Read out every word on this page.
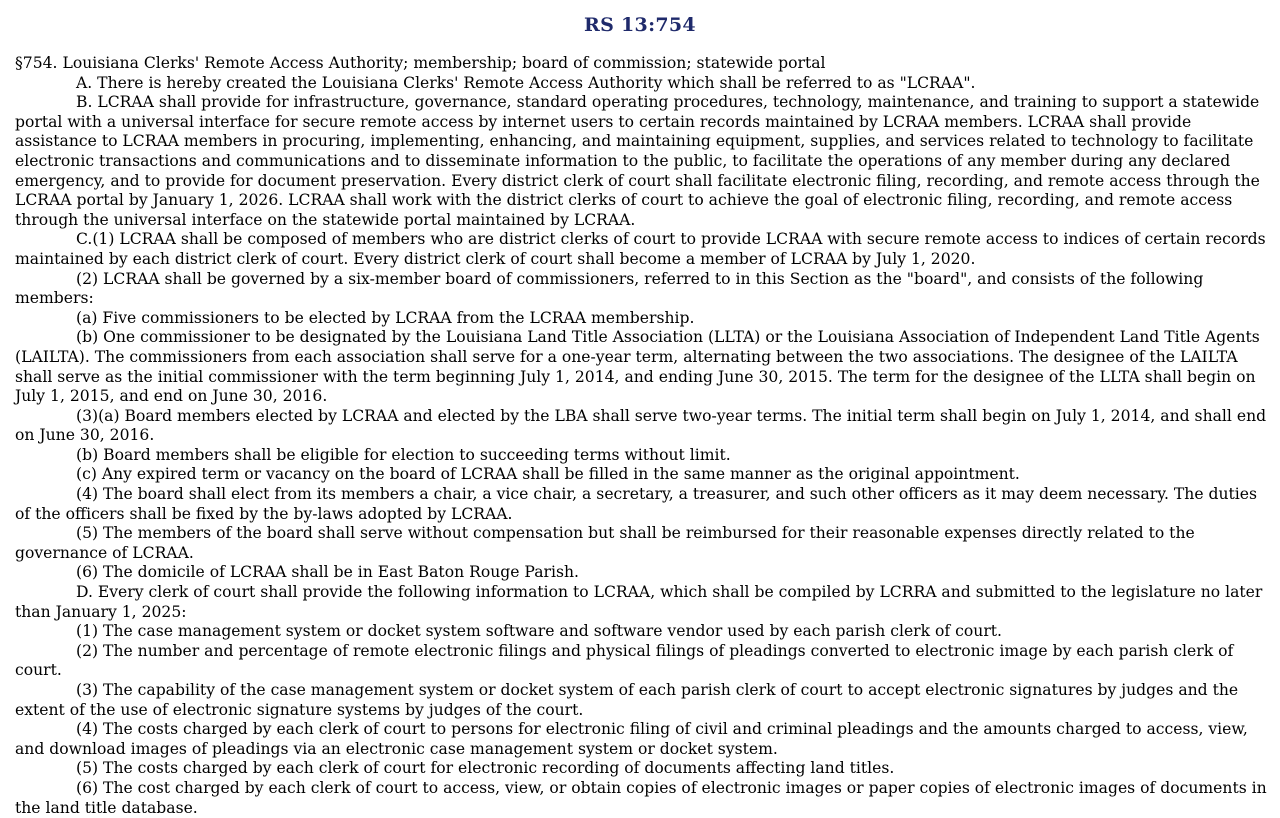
RS 13:754

§754. Louisiana Clerks' Remote Access Authority; membership; board of commission; statewide portal

A. There is hereby created the Louisiana Clerks' Remote Access Authority which shall be referred to as "LCRAA".

B. LCRAA shall provide for infrastructure, governance, standard operating procedures, technology, maintenance, and training to support a statewide portal with a universal interface for secure remote access by internet users to certain records maintained by LCRAA members. LCRAA shall provide assistance to LCRAA members in procuring, implementing, enhancing, and maintaining equipment, supplies, and services related to technology to facilitate electronic transactions and communications and to disseminate information to the public, to facilitate the operations of any member during any declared emergency, and to provide for document preservation. Every district clerk of court shall facilitate electronic filing, recording, and remote access through the LCRAA portal by January 1, 2026. LCRAA shall work with the district clerks of court to achieve the goal of electronic filing, recording, and remote access through the universal interface on the statewide portal maintained by LCRAA.

C.(1) LCRAA shall be composed of members who are district clerks of court to provide LCRAA with secure remote access to indices of certain records maintained by each district clerk of court. Every district clerk of court shall become a member of LCRAA by July 1, 2020.

(2) LCRAA shall be governed by a six-member board of commissioners, referred to in this Section as the "board", and consists of the following members:

(a) Five commissioners to be elected by LCRAA from the LCRAA membership.

(b) One commissioner to be designated by the Louisiana Land Title Association (LLTA) or the Louisiana Association of Independent Land Title Agents (LAILTA). The commissioners from each association shall serve for a one-year term, alternating between the two associations. The designee of the LAILTA shall serve as the initial commissioner with the term beginning July 1, 2014, and ending June 30, 2015. The term for the designee of the LLTA shall begin on July 1, 2015, and end on June 30, 2016.

(3)(a) Board members elected by LCRAA and elected by the LBA shall serve two-year terms. The initial term shall begin on July 1, 2014, and shall end on June 30, 2016.

(b) Board members shall be eligible for election to succeeding terms without limit.

(c) Any expired term or vacancy on the board of LCRAA shall be filled in the same manner as the original appointment.

(4) The board shall elect from its members a chair, a vice chair, a secretary, a treasurer, and such other officers as it may deem necessary. The duties of the officers shall be fixed by the by-laws adopted by LCRAA.

(5) The members of the board shall serve without compensation but shall be reimbursed for their reasonable expenses directly related to the governance of LCRAA.

(6) The domicile of LCRAA shall be in East Baton Rouge Parish.

D. Every clerk of court shall provide the following information to LCRAA, which shall be compiled by LCRRA and submitted to the legislature no later than January 1, 2025:

(1) The case management system or docket system software and software vendor used by each parish clerk of court.

(2) The number and percentage of remote electronic filings and physical filings of pleadings converted to electronic image by each parish clerk of court.

(3) The capability of the case management system or docket system of each parish clerk of court to accept electronic signatures by judges and the extent of the use of electronic signature systems by judges of the court.

(4) The costs charged by each clerk of court to persons for electronic filing of civil and criminal pleadings and the amounts charged to access, view, and download images of pleadings via an electronic case management system or docket system.

(5) The costs charged by each clerk of court for electronic recording of documents affecting land titles.

(6) The cost charged by each clerk of court to access, view, or obtain copies of electronic images or paper copies of electronic images of documents in the land title database.
